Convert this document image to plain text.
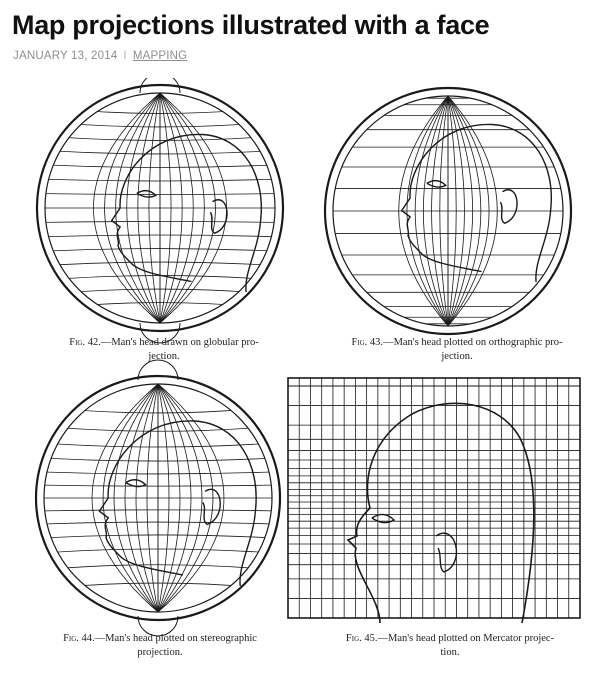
Map projections illustrated with a face
JANUARY 13, 2014 I MAPPING
Fig. 42.—Man's head drawn on globular pro-
jection.
Fig. 43.—Man's head plotted on orthographic pro-
jection.
Fig. 44.—Man's head plotted on stereographic
projection.
Fig. 45.—Man's head plotted on Mercator projec-
tion.
